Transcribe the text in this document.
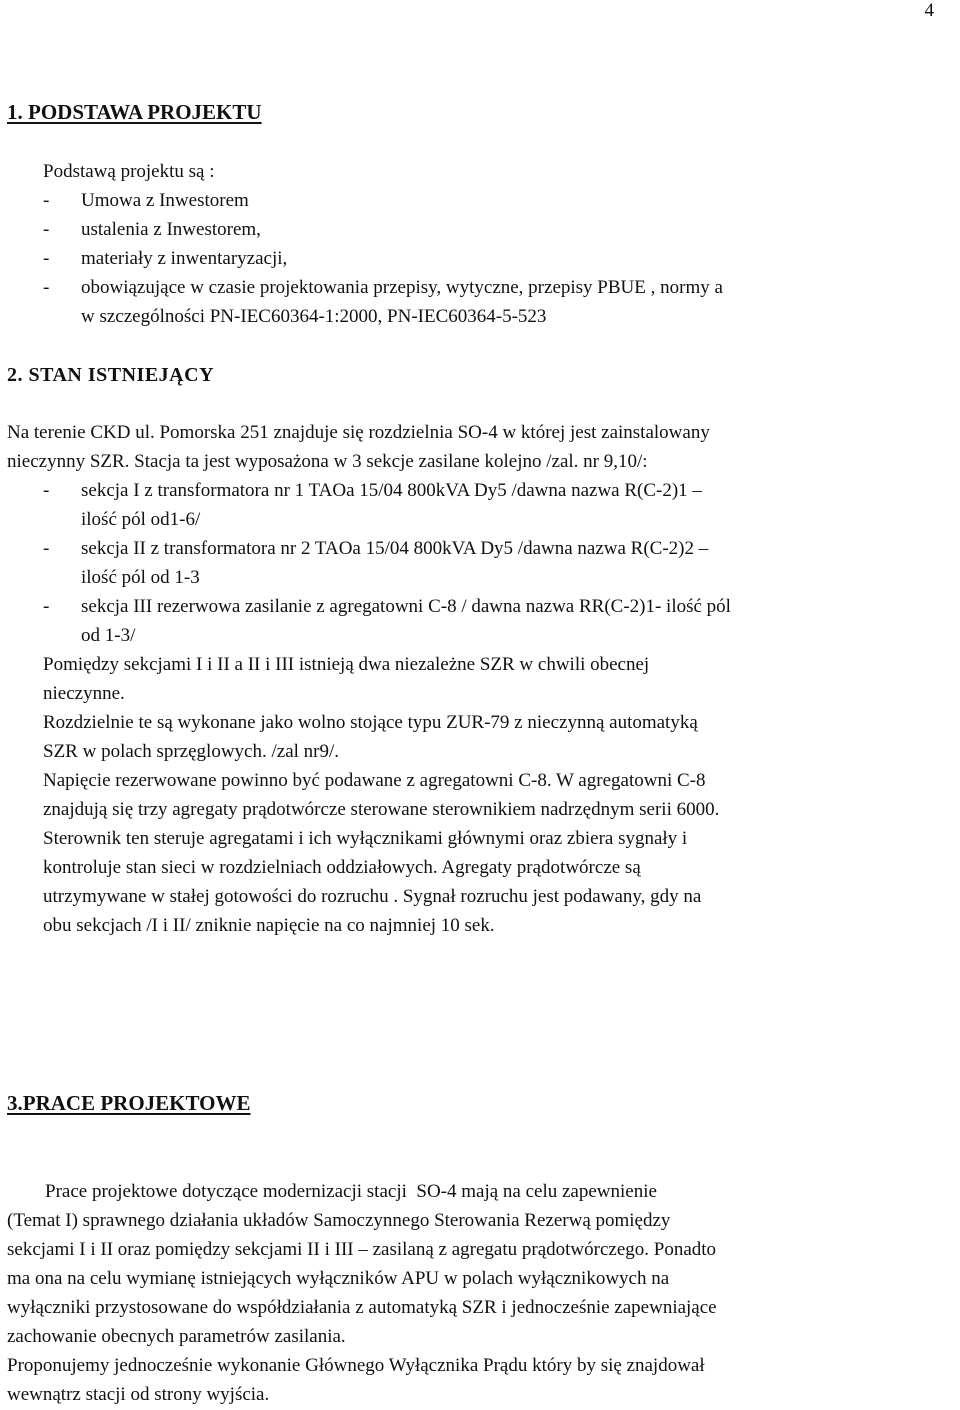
4
1. PODSTAWA PROJEKTU
Podstawą projektu są :
- Umowa z Inwestorem
- ustalenia z Inwestorem,
- materiały z inwentaryzacji,
- obowiązujące w czasie projektowania przepisy, wytyczne, przepisy PBUE , normy a
w szczególności PN-IEC60364-1:2000, PN-IEC60364-5-523
2. STAN ISTNIEJĄCY
Na terenie CKD ul. Pomorska 251 znajduje się rozdzielnia SO-4 w której jest zainstalowany
nieczynny SZR. Stacja ta jest wyposażona w 3 sekcje zasilane kolejno /zal. nr 9,10/:
- sekcja I z transformatora nr 1 TAOa 15/04 800kVA Dy5 /dawna nazwa R(C-2)1 –
ilość pól od1-6/
- sekcja II z transformatora nr 2 TAOa 15/04 800kVA Dy5 /dawna nazwa R(C-2)2 –
ilość pól od 1-3
- sekcja III rezerwowa zasilanie z agregatowni C-8 / dawna nazwa RR(C-2)1- ilość pól
od 1-3/
Pomiędzy sekcjami I i II a II i III istnieją dwa niezależne SZR w chwili obecnej
nieczynne.
Rozdzielnie te są wykonane jako wolno stojące typu ZUR-79 z nieczynną automatyką
SZR w polach sprzęglowych. /zal nr9/.
Napięcie rezerwowane powinno być podawane z agregatowni C-8. W agregatowni C-8
znajdują się trzy agregaty prądotwórcze sterowane sterownikiem nadrzędnym serii 6000.
Sterownik ten steruje agregatami i ich wyłącznikami głównymi oraz zbiera sygnały i
kontroluje stan sieci w rozdzielniach oddziałowych. Agregaty prądotwórcze są
utrzymywane w stałej gotowości do rozruchu . Sygnał rozruchu jest podawany, gdy na
obu sekcjach /I i II/ zniknie napięcie na co najmniej 10 sek.
3.PRACE PROJEKTOWE
Prace projektowe dotyczące modernizacji stacji  SO-4 mają na celu zapewnienie
(Temat I) sprawnego działania układów Samoczynnego Sterowania Rezerwą pomiędzy
sekcjami I i II oraz pomiędzy sekcjami II i III – zasilaną z agregatu prądotwórczego. Ponadto
ma ona na celu wymianę istniejących wyłączników APU w polach wyłącznikowych na
wyłączniki przystosowane do współdziałania z automatyką SZR i jednocześnie zapewniające
zachowanie obecnych parametrów zasilania.
Proponujemy jednocześnie wykonanie Głównego Wyłącznika Prądu który by się znajdował
wewnątrz stacji od strony wyjścia.
